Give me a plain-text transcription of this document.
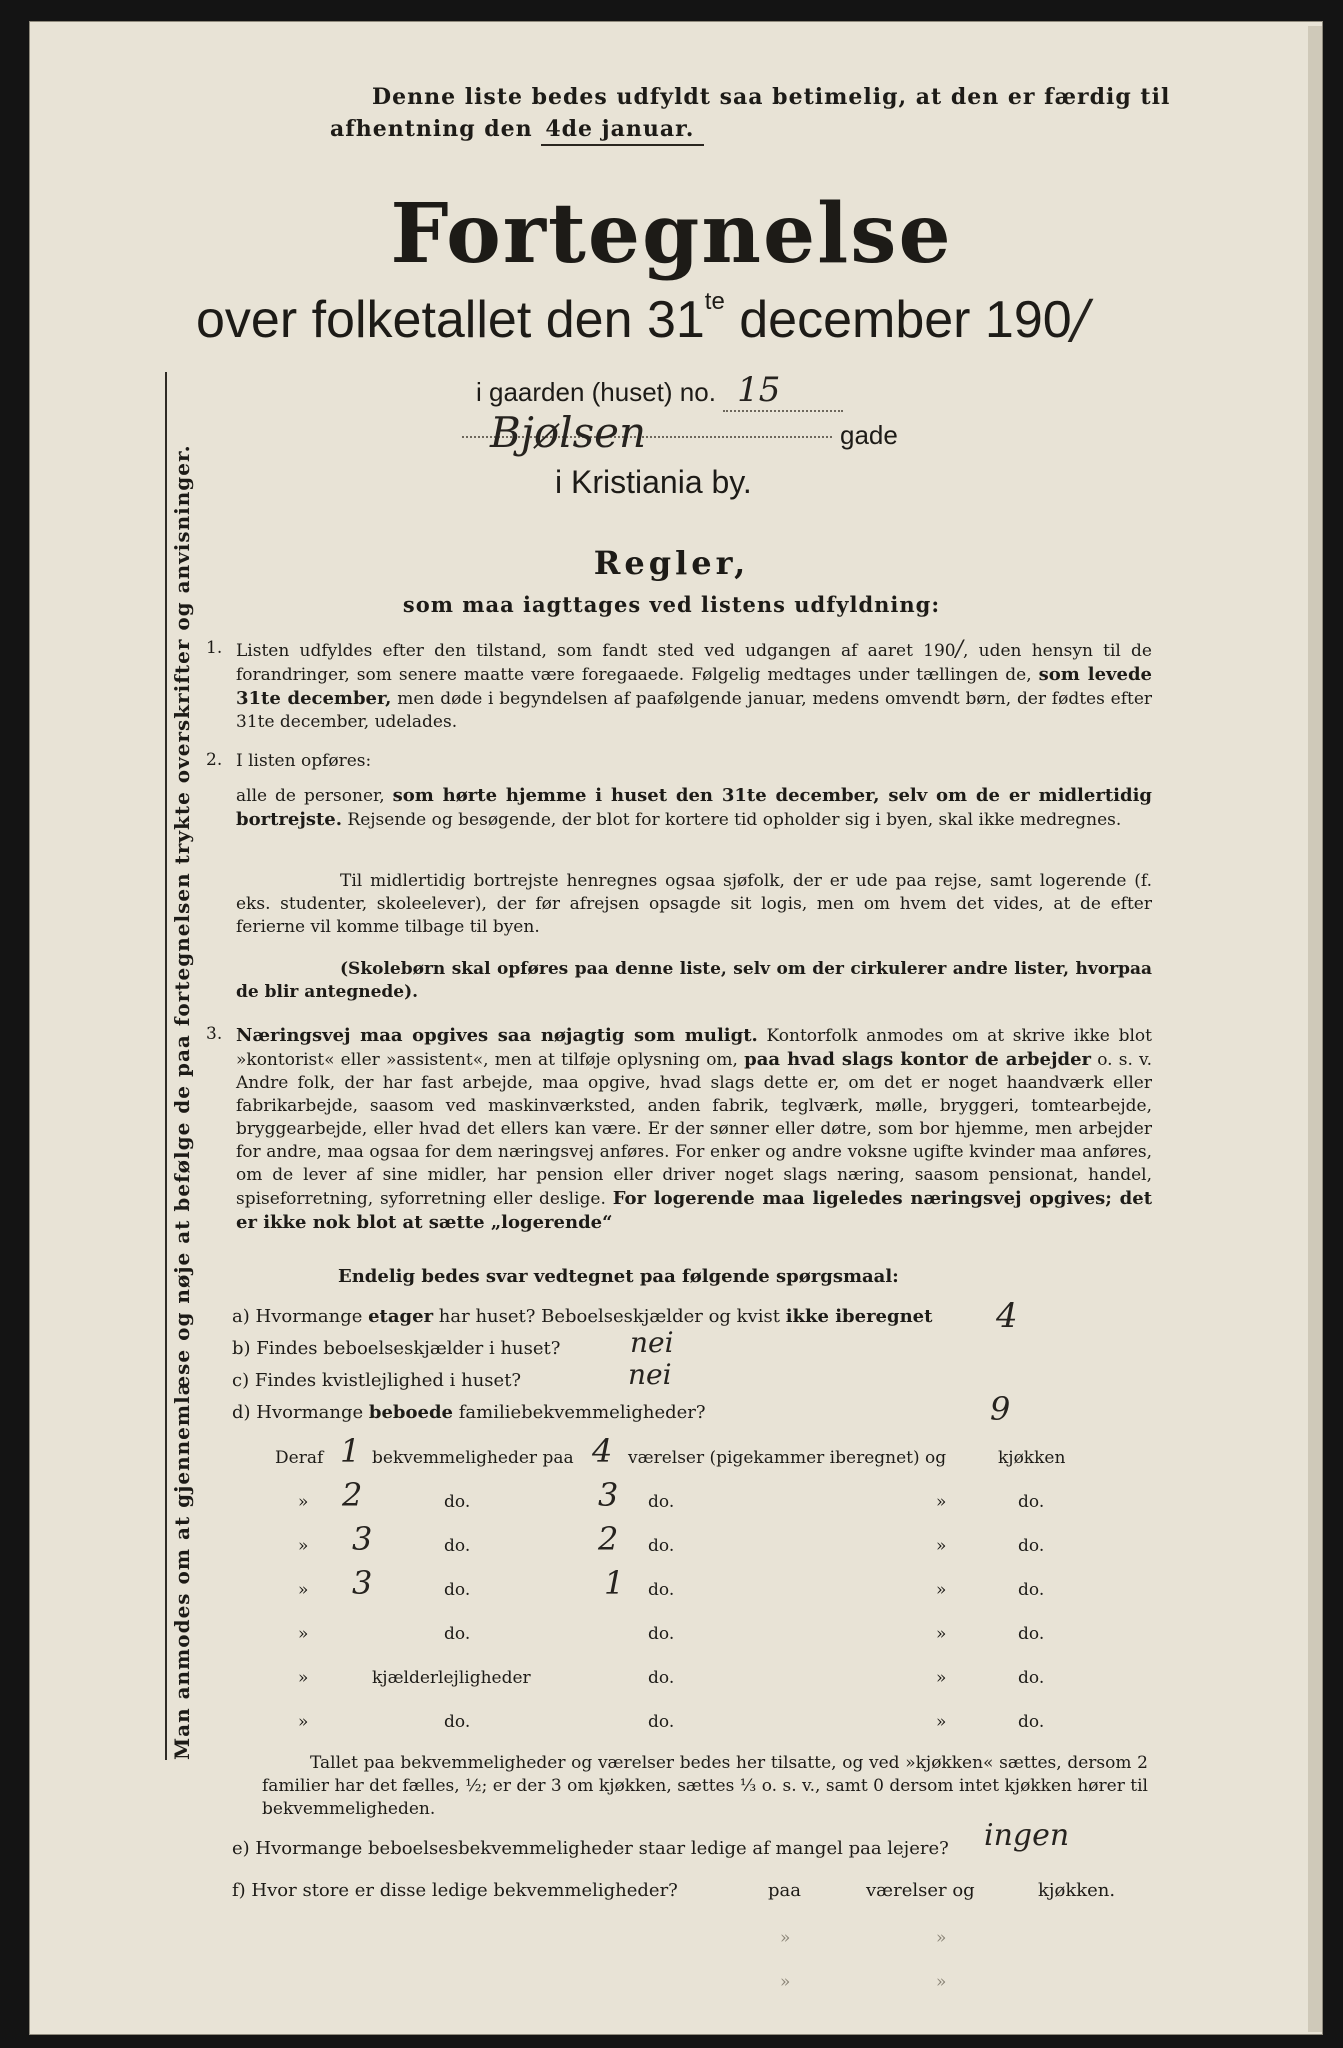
Denne liste bedes udfyldt saa betimelig, at den er færdig til
afhentning den 4de januar.
Fortegnelse
over folketallet den $31^{te}$ december 190/
i gaarden (huset) no. 15
Bjølsen	gade
i Kristiania by.
Man anmodes om at gjennemlæse og nøje at befølge de paa fortegnelsen trykte overskrifter og anvisninger.	Regler,
som maa iagttages ved listens udfyldning:
1. Listen udfyldes efter den tilstand, som fandt sted ved udgangen af aaret 190/, uden hensyn til de forandringer, som senere maatte være foregaaede. Følgelig medtages under tællingen de, som levede 31te december, men døde i begyndelsen af paafølgende januar, medens omvendt børn, der fødtes efter 31te december, udelades.
2. I listen opføres:
alle de personer, som hørte hjemme i huset den 31te december, selv om de er midlertidig bortrejste. Rejsende og besøgende, der blot for kortere tid opholder sig i byen, skal ikke medregnes.
Til midlertidig bortrejste henregnes ogsaa sjøfolk, der er ude paa rejse, samt logerende (f. eks. studenter, skoleelever), der før afrejsen opsagde sit logis, men om hvem det vides, at de efter ferierne vil komme tilbage til byen.
(Skolebørn skal opføres paa denne liste, selv om der cirkulerer andre lister, hvorpaa de blir antegnede).
3. Næringsvej maa opgives saa nøjagtig som muligt. Kontorfolk anmodes om at skrive ikke blot »kontorist« eller »assistent«, men at tilføje oplysning om, paa hvad slags kontor de arbejder o. s. v. Andre folk, der har fast arbejde, maa opgive, hvad slags dette er, om det er noget haandværk eller fabrikarbejde, saasom ved maskinværksted, anden fabrik, teglværk, mølle, bryggeri, tomtearbejde, bryggearbejde, eller hvad det ellers kan være. Er der sønner eller døtre, som bor hjemme, men arbejder for andre, maa ogsaa for dem næringsvej anføres. For enker og andre voksne ugifte kvinder maa anføres, om de lever af sine midler, har pension eller driver noget slags næring, saasom pensionat, handel, spiseforretning, syforretning eller deslige. For logerende maa ligeledes næringsvej opgives; det er ikke nok blot at sætte „logerende“
Endelig bedes svar vedtegnet paa følgende spørgsmaal:
a) Hvormange etager har huset? Beboelseskjælder og kvist ikke iberegnet 4
b) Findes beboelseskjælder i huset? nei
c) Findes kvistlejlighed i huset?	nei
d) Hvormange beboede familiebekvemmeligheder?	9
Deraf 1 bekvemmeligheder paa 4 værelser (pigekammer iberegnet) og	kjøkken
» 2	do.	3 do.	»	do.
» 3	do.	2 do.	»	do.
» 3	do.	1 do.	»	do.
»	do.	do.	»	do.
»	kjælderlejligheder	do.	»	do.
»	do.	do.	»	do.
Tallet paa bekvemmeligheder og værelser bedes her tilsatte, og ved »kjøkken« sættes, dersom 2 familier har det fælles, ½; er der 3 om kjøkken, sættes ⅓ o. s. v., samt 0 dersom intet kjøkken hører til bekvemmeligheden.
e) Hvormange beboelsesbekvemmeligheder staar ledige af mangel paa lejere? ingen
f) Hvor store er disse ledige bekvemmeligheder?	paa	værelser og	kjøkken.
»	»
»	»
